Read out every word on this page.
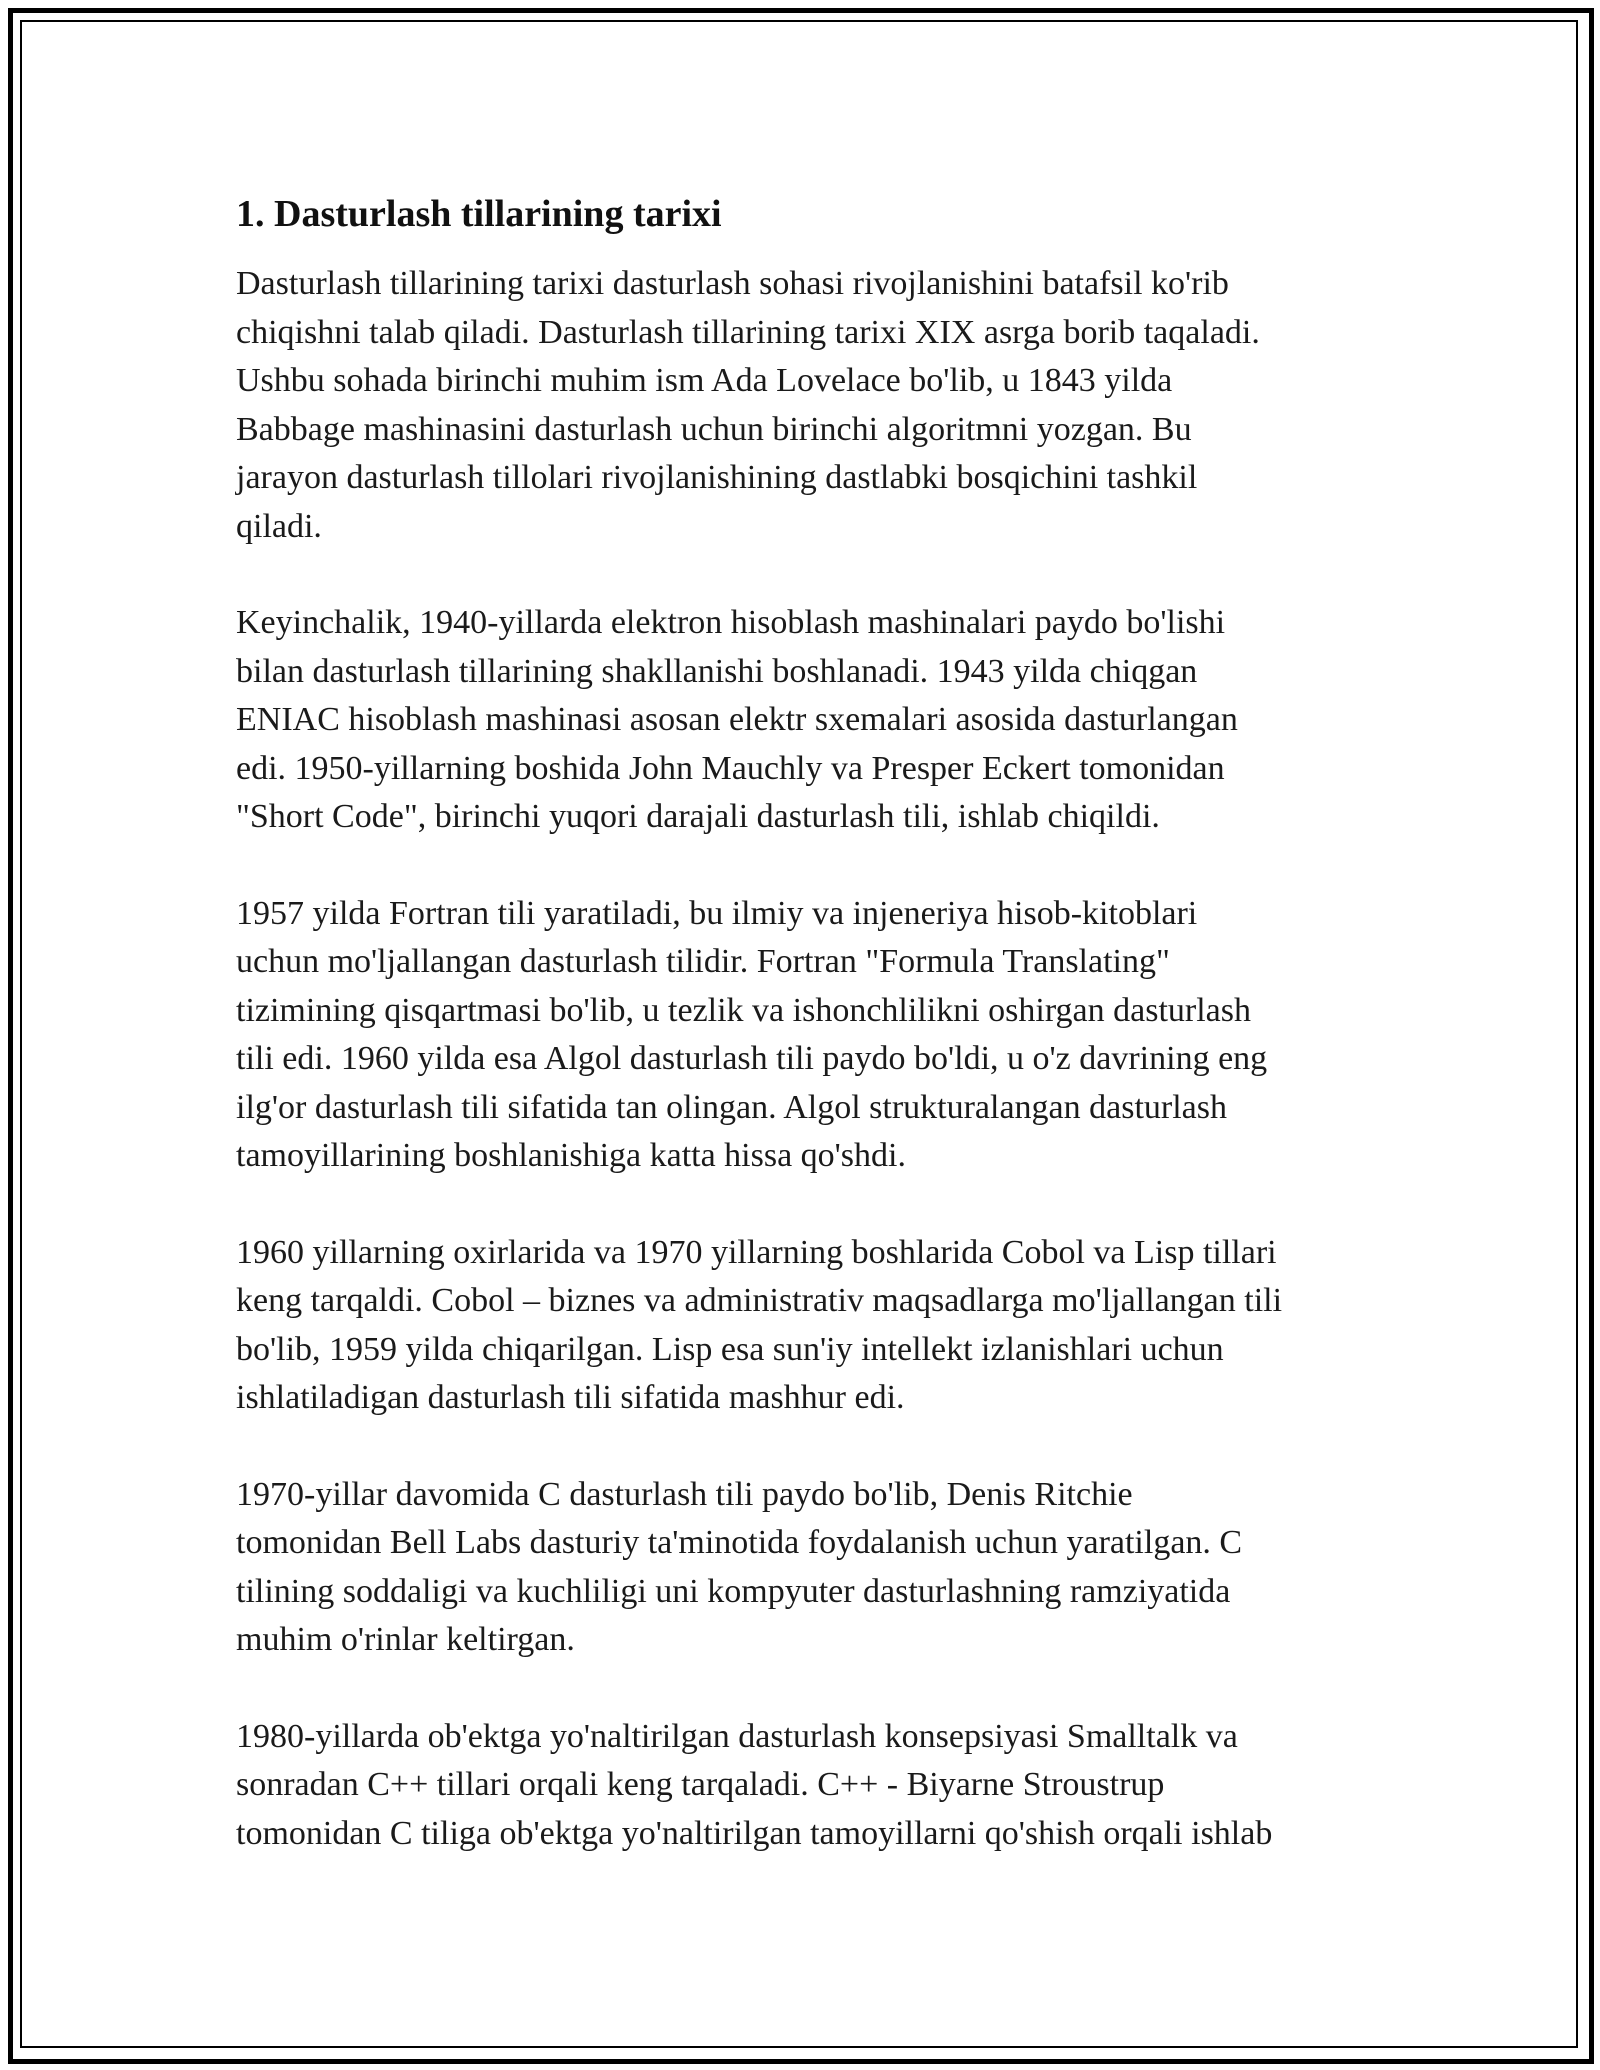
1. Dasturlash tillarining tarixi

Dasturlash tillarining tarixi dasturlash sohasi rivojlanishini batafsil ko'rib
chiqishni talab qiladi. Dasturlash tillarining tarixi XIX asrga borib taqaladi.
Ushbu sohada birinchi muhim ism Ada Lovelace bo'lib, u 1843 yilda
Babbage mashinasini dasturlash uchun birinchi algoritmni yozgan. Bu
jarayon dasturlash tillolari rivojlanishining dastlabki bosqichini tashkil
qiladi.

Keyinchalik, 1940-yillarda elektron hisoblash mashinalari paydo bo'lishi
bilan dasturlash tillarining shakllanishi boshlanadi. 1943 yilda chiqgan
ENIAC hisoblash mashinasi asosan elektr sxemalari asosida dasturlangan
edi. 1950-yillarning boshida John Mauchly va Presper Eckert tomonidan
"Short Code", birinchi yuqori darajali dasturlash tili, ishlab chiqildi.

1957 yilda Fortran tili yaratiladi, bu ilmiy va injeneriya hisob-kitoblari
uchun mo'ljallangan dasturlash tilidir. Fortran "Formula Translating"
tizimining qisqartmasi bo'lib, u tezlik va ishonchlilikni oshirgan dasturlash
tili edi. 1960 yilda esa Algol dasturlash tili paydo bo'ldi, u o'z davrining eng
ilg'or dasturlash tili sifatida tan olingan. Algol strukturalangan dasturlash
tamoyillarining boshlanishiga katta hissa qo'shdi.

1960 yillarning oxirlarida va 1970 yillarning boshlarida Cobol va Lisp tillari
keng tarqaldi. Cobol – biznes va administrativ maqsadlarga mo'ljallangan tili
bo'lib, 1959 yilda chiqarilgan. Lisp esa sun'iy intellekt izlanishlari uchun
ishlatiladigan dasturlash tili sifatida mashhur edi.

1970-yillar davomida C dasturlash tili paydo bo'lib, Denis Ritchie
tomonidan Bell Labs dasturiy ta'minotida foydalanish uchun yaratilgan. C
tilining soddaligi va kuchliligi uni kompyuter dasturlashning ramziyatida
muhim o'rinlar keltirgan.

1980-yillarda ob'ektga yo'naltirilgan dasturlash konsepsiyasi Smalltalk va
sonradan C++ tillari orqali keng tarqaladi. C++ - Biyarne Stroustrup
tomonidan C tiliga ob'ektga yo'naltirilgan tamoyillarni qo'shish orqali ishlab
